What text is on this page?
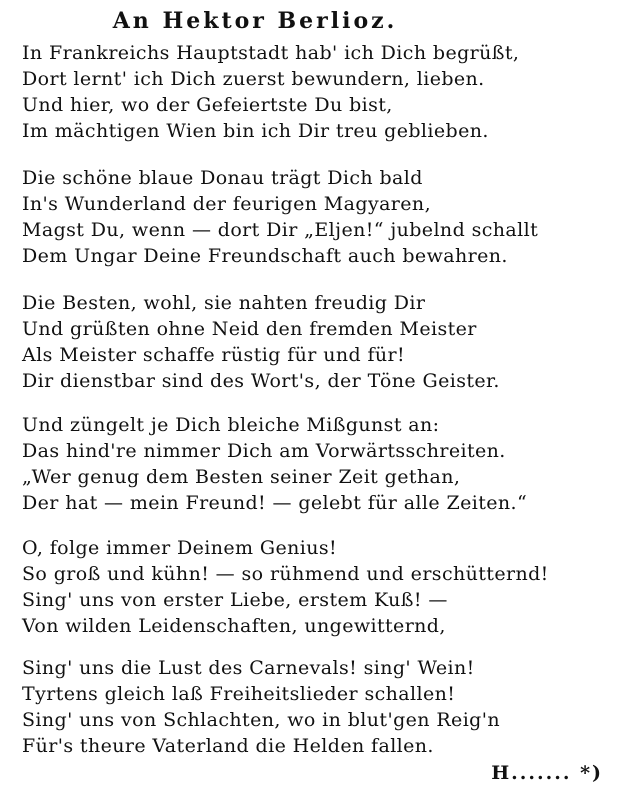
An Hektor Berlioz.
In Frankreichs Hauptstadt hab' ich Dich begrüßt,
Dort lernt' ich Dich zuerst bewundern, lieben.
Und hier, wo der Gefeiertste Du bist,
Im mächtigen Wien bin ich Dir treu geblieben.
Die schöne blaue Donau trägt Dich bald
In's Wunderland der feurigen Magyaren,
Magst Du, wenn — dort Dir „Eljen!“ jubelnd schallt
Dem Ungar Deine Freundschaft auch bewahren.
Die Besten, wohl, sie nahten freudig Dir
Und grüßten ohne Neid den fremden Meister
Als Meister schaffe rüstig für und für!
Dir dienstbar sind des Wort's, der Töne Geister.
Und züngelt je Dich bleiche Mißgunst an:
Das hind're nimmer Dich am Vorwärtsschreiten.
„Wer genug dem Besten seiner Zeit gethan,
Der hat — mein Freund! — gelebt für alle Zeiten.“
O, folge immer Deinem Genius!
So groß und kühn! — so rühmend und erschütternd!
Sing' uns von erster Liebe, erstem Kuß! —
Von wilden Leidenschaften, ungewitternd,
Sing' uns die Lust des Carnevals! sing' Wein!
Tyrtens gleich laß Freiheitslieder schallen!
Sing' uns von Schlachten, wo in blut'gen Reig'n
Für's theure Vaterland die Helden fallen.
H....... *)
